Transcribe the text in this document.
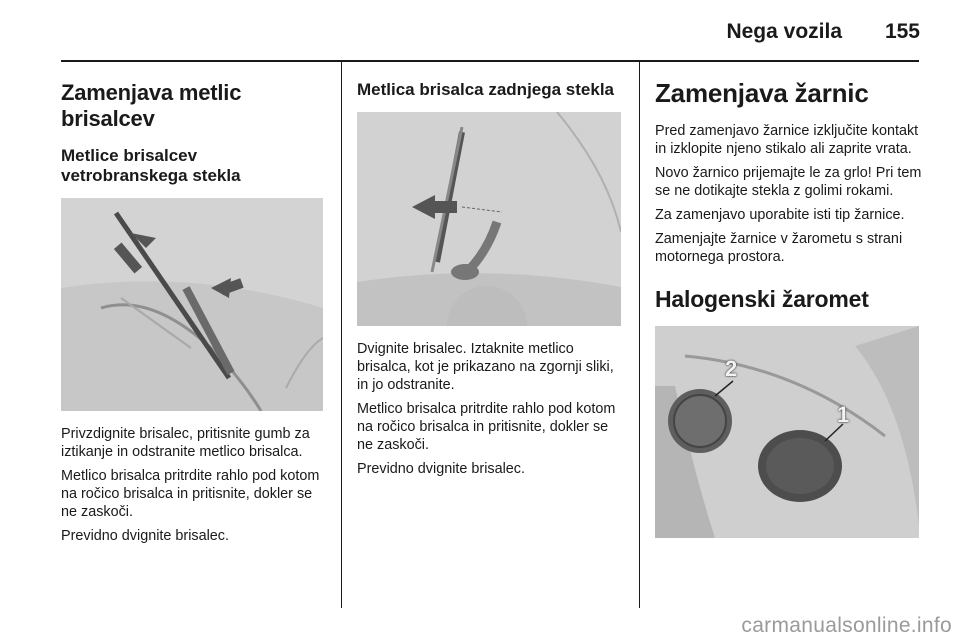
Nega vozila 155
Zamenjava metlic brisalcev
Metlice brisalcev vetrobranskega stekla

Privzdignite brisalec, pritisnite gumb za iztikanje in odstranite metlico brisalca.

Metlico brisalca pritrdite rahlo pod kotom na ročico brisalca in pritisnite, dokler se ne zaskoči.

Previdno dvignite brisalec.

Metlica brisalca zadnjega stekla

Dvignite brisalec. Iztaknite metlico brisalca, kot je prikazano na zgornji sliki, in jo odstranite.

Metlico brisalca pritrdite rahlo pod kotom na ročico brisalca in pritisnite, dokler se ne zaskoči.

Previdno dvignite brisalec.

Zamenjava žarnic

Pred zamenjavo žarnice izključite kontakt in izklopite njeno stikalo ali zaprite vrata.

Novo žarnico prijemajte le za grlo! Pri tem se ne dotikajte stekla z golimi rokami.

Za zamenjavo uporabite isti tip žarnice.

Zamenjajte žarnice v žarometu s strani motornega prostora.

Halogenski žaromet
2
1
carmanualsonline.info
